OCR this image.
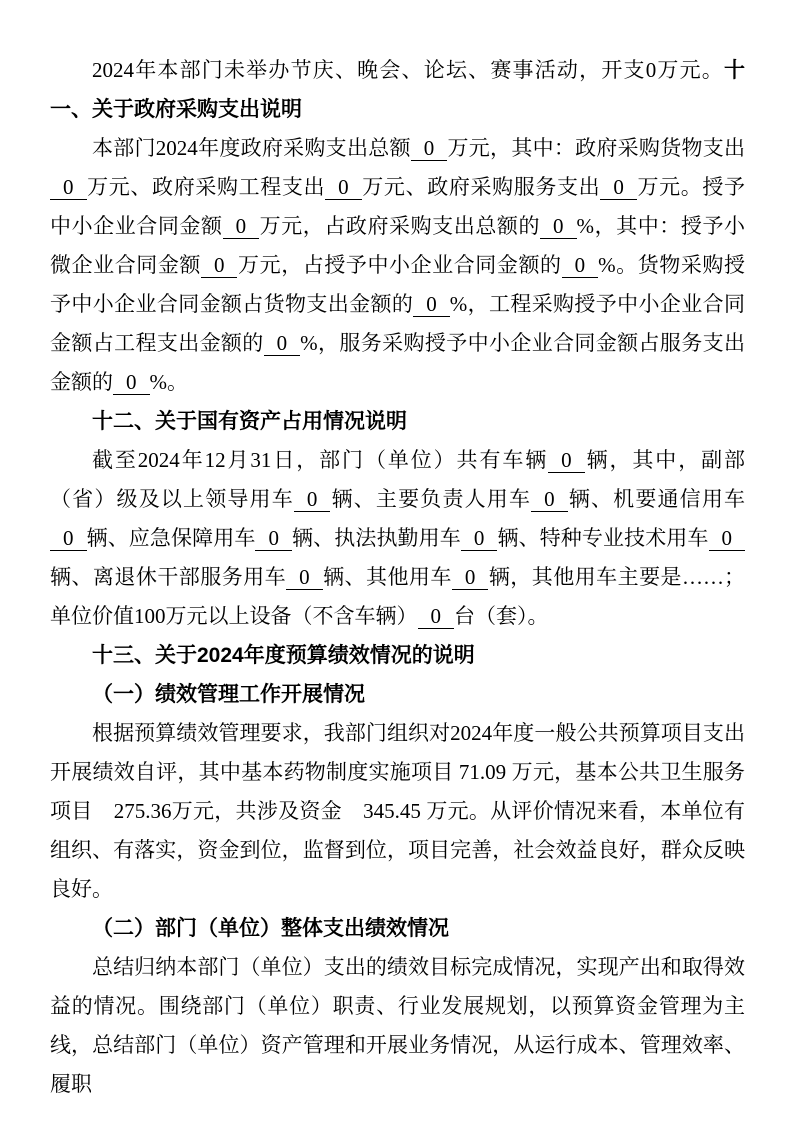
2024年本部门未举办节庆、晚会、论坛、赛事活动，开支0万元。十一、关于政府采购支出说明

本部门2024年度政府采购支出总额 0 万元，其中：政府采购货物支出0 万元、政府采购工程支出 0 万元、政府采购服务支出 0 万元。授予中小企业合同金额 0 万元，占政府采购支出总额的 0 %，其中：授予小微企业合同金额 0 万元，占授予中小企业合同金额的 0 %。货物采购授予中小企业合同金额占货物支出金额的 0 %，工程采购授予中小企业合同金额占工程支出金额的 0 %，服务采购授予中小企业合同金额占服务支出金额的 0 %。

十二、关于国有资产占用情况说明

截至2024年12月31日，部门（单位）共有车辆 0 辆，其中，副部（省）级及以上领导用车 0 辆、主要负责人用车 0 辆、机要通信用车0 辆、应急保障用车 0 辆、执法执勤用车 0 辆、特种专业技术用车 0辆、离退休干部服务用车 0 辆、其他用车 0 辆，其他用车主要是……；单位价值100万元以上设备（不含车辆） 0 台（套）。

十三、关于2024年度预算绩效情况的说明

（一）绩效管理工作开展情况

根据预算绩效管理要求，我部门组织对2024年度一般公共预算项目支出开展绩效自评，其中基本药物制度实施项目 71.09 万元，基本公共卫生服务项目　275.36万元，共涉及资金　345.45 万元。从评价情况来看，本单位有组织、有落实，资金到位，监督到位，项目完善，社会效益良好，群众反映良好。

（二）部门（单位）整体支出绩效情况

总结归纳本部门（单位）支出的绩效目标完成情况，实现产出和取得效益的情况。围绕部门（单位）职责、行业发展规划，以预算资金管理为主线，总结部门（单位）资产管理和开展业务情况，从运行成本、管理效率、履职
